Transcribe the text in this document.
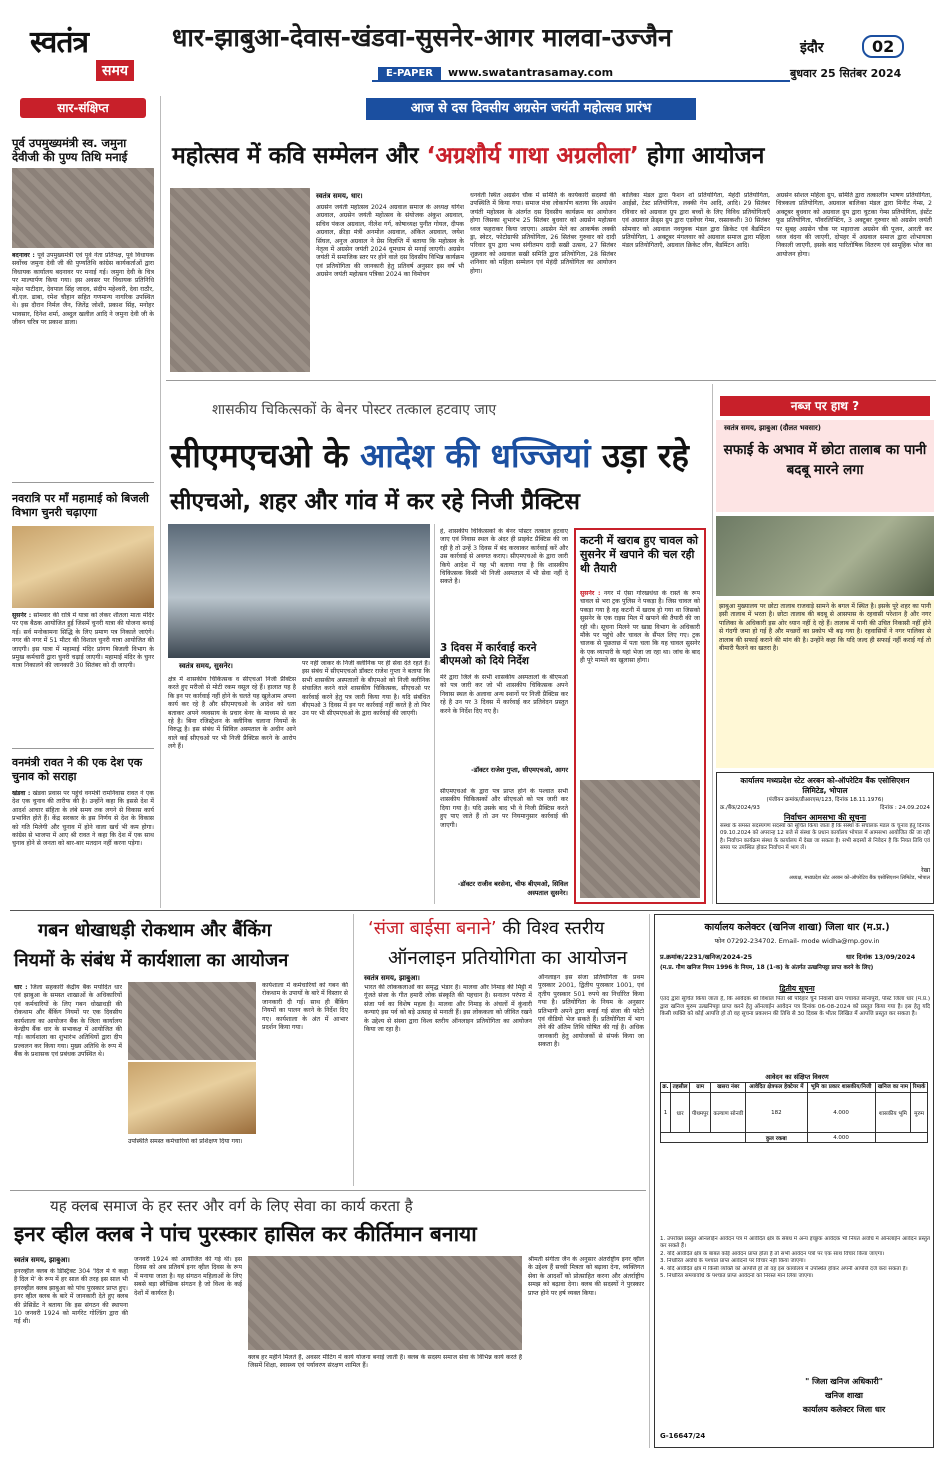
स्वतंत्र
समय
धार-झाबुआ-देवास-खंडवा-सुसनेर-आगर मालवा-उज्जैन
E-PAPER	www.swatantrasamay.com
इंदौर	02
बुधवार 25 सितंबर 2024
सार-संक्षिप्त
पूर्व उपमुख्यमंत्री स्व. जमुना देवीजी की पुण्य तिथि मनाई
बदनावर : पूर्व उपमुख्यमंत्री एवं पूर्व नेता प्रतिपक्ष, पूर्व विधायक सर्वोच्च जमुना देवी जी की पुण्यतिथि कांग्रेस कार्यकर्ताओं द्वारा विधायक कार्यालय बदनावर पर मनाई गई। जमुना देवी के चित्र पर माल्यार्पण किया गया। इस अवसर पर विधायक प्रतिनिधि महेश पाटीदार, देवपाल सिंह जादव, संदीप महेश्वरी, देवा राठौर, बी.एल. ढाबा, रमेश चौहान सहित गणमान्य नागरिक उपस्थित थे। इस दौरान निर्मल जैन, जितेंद्र जोशी, प्रकाश सिंह, मनोहर भावसार, दिनेश शर्मा, अब्दुल खलील आदि ने जमुना देवी जी के जीवन चरित्र पर प्रकाश डाला।
नवरात्रि पर माँ महामाई को बिजली विभाग चुनरी चढ़ाएगा
सुसनेर : सोमवार की रात्रि में यात्रा को लेकर शीतला माता मंदिर पर एक बैठक आयोजित हुई जिसमें चुनरी यात्रा की योजना बनाई गई। सर्व मनोकामना सिद्धि के लिए प्रमाण पत्र निकाले जाएंगे। नगर की नगर में 51 मीटर की विशाल चुनरी यात्रा आयोजित की जाएगी। इस यात्रा में महामाई मंदिर प्रांगण बिजली विभाग के प्रमुख कर्मचारी द्वारा चुनरी चढ़ाई जाएगी। महामाई मंदिर के चुनर यात्रा निकालने की जानकारी 30 सितंबर को दी जाएगी।
वनमंत्री रावत ने की एक देश एक चुनाव को सराहा
खंडवा : खंडवा प्रवास पर पहुंचे वनमंत्री रामनिवास रावत ने एक देश एक चुनाव की तारीफ की है। उन्होंने कहा कि इससे देश में आदर्श आचार संहिता के लंबे समय तक लगने से विकास कार्य प्रभावित होते हैं। केंद्र सरकार के इस निर्णय से देश के विकास को गति मिलेगी और चुनाव में होने वाला खर्च भी कम होगा। कांग्रेस से भाजपा में आए श्री रावत ने कहा कि देश में एक साथ चुनाव होने से जनता को बार-बार मतदान नहीं करना पड़ेगा।
आज से दस दिवसीय अग्रसेन जयंती महोत्सव प्रारंभ
महोत्सव में कवि सम्मेलन और ‘अग्रशौर्य गाथा अग्रलीला’ होगा आयोजन
स्वतंत्र समय, धार।
अग्रसेन जयंती महोत्सव 2024 अग्रवाल समाज के अध्यक्ष योगेश अग्रवाल, अग्रसेन जयंती महोत्सव के संयोजक अंकुश अग्रवाल, सचिव पंकज अग्रवाल, नीलेश गर्ग, कोषाध्यक्ष पुनीत गोयल, दीपक अग्रवाल, क्रीड़ा मंत्री अनमोल अग्रवाल, अंकित अग्रवाल, जयेश सिंघल, अनुज अग्रवाल ने प्रेस विज्ञप्ति में बताया कि महोत्सव के नेतृत्व में अग्रसेन जयंती 2024 धूमधाम से मनाई जाएगी। अग्रसेन जयंती में समाजिक स्तर पर होने वाले दस दिवसीय विभिन्न कार्यक्रम एवं प्रतियोगिता की जानकारी हेतु प्रतिवर्ष अनुसार इस वर्ष भी अग्रसेन जयंती महोत्सव पत्रिका 2024 का विमोचन
धनवंती स्थित अग्रसेन चौक में समिति के कार्यकारी सदस्यों की उपस्थिति में किया गया। समाज मंत्रा लोकार्पण बताया कि अग्रसेन जयंती महोत्सव के अंतर्गत दस दिवसीय कार्यक्रम का आयोजन होगा जिसका शुभारंभ 25 सितंबर बुधवार को अग्रसेन महोत्सव ध्वज फहराकर किया जाएगा। अग्रसेन मेले का आकर्षक लक्की ड्रा, स्वेटर, फोटोग्राफी प्रतियोगिता, 26 सितंबर गुरुवार को दादी परिवार ग्रुप द्वारा भव्य संगीतमय दादी सखी उत्सव, 27 सितंबर शुक्रवार को अग्रवाल सखी समिति द्वारा प्रतियोगिता, 28 सितंबर शनिवार को महिला सम्मेलन एवं मेहंदी प्रतियोगिता का आयोजन होगा।
बालिका मंडल द्वारा फैशन शो प्रतियोगिता, मेहंदी प्रतियोगिता, आईब्रो, टेस्ट प्रतियोगिता, लक्की गेम आदि, आदि। 29 सितंबर रविवार को अग्रवाल ग्रुप द्वारा बच्चों के लिए विविध प्रतियोगिताएँ एवं अग्रवाल फ्रेंड्स ग्रुप द्वारा एडवेंचर गेम्स, रस्साकशी। 30 सितंबर सोमवार को अग्रवाल नवयुवक मंडल द्वारा क्रिकेट एवं बैडमिंटन प्रतियोगिता, 1 अक्टूबर मंगलवार को अग्रवाल समाज द्वारा महिला मंडल प्रतियोगिताएँ, अग्रवाल क्रिकेट लीग, बैडमिंटन आदि।
अग्रसेन सोशल महिला ग्रुप, समिति द्वारा तत्कालीन भाषण प्रतियोगिता, चित्रकला प्रतियोगिता, अग्रवाल बालिका मंडल द्वारा मिनीट गेम्स, 2 अक्टूबर बुधवार को अग्रवाल ग्रुप द्वारा चुटका गेम्स प्रतियोगिता, इंस्टेंट फूड प्रतियोगिता, पॉवरलिफ्टिंग, 3 अक्टूबर गुरुवार को अग्रसेन जयंती पर सुबह अग्रसेन चौक पर महाराजा अग्रसेन की पूजन, आरती कर ध्वज वंदना की जाएगी, दोपहर में अग्रवाल समाज द्वारा शोभायात्रा निकाली जाएगी, इसके बाद पारितोषिक वितरण एवं सामूहिक भोज का आयोजन होगा।
शासकीय चिकित्सकों के बेनर पोस्टर तत्काल हटवाए जाए
सीएमएचओ के आदेश की धज्जियां उड़ा रहे
सीएचओ, शहर और गांव में कर रहे निजी प्रैक्टिस
स्वतंत्र समय, सुसनेर।
क्षेत्र में शासकीय चिकित्सक व सीएचओ निजी प्रैक्टिस करते हुए मरीजो से मोटी रकम वसूल रहे हैं। हालात यह है कि इन पर कार्रवाई नहीं होने के चलते यह खुलेआम अपना कार्य कर रहे है और सीएमएचओ के आदेश को धता बताकर अपने व्यवसाय के प्रचार बेनर के माध्यम से कर रहे है। बिना रजिस्ट्रेशन के क्लीनिक चलाना नियमों के विरुद्ध है। इस संबंध में सिविल अस्पताल के अधीन आने वाले कई सीएचओ पर भी निजी प्रैक्टिस करने के आरोप लगे हैं।
पर नहीं जाकर के निजी क्लीनिक पर ही सेवा देते रहते हैं। इस संबंध में सीएमएचओ डॉक्टर राजेश गुप्ता ने बताया कि सभी शासकीय अस्पतालों के बीएमओ को निजी क्लीनिक संचालित करने वाले शासकीय चिकित्सक, सीएचओ पर कार्रवाई करने हेतु पत्र जारी किया गया है। यदि संबंधित बीएमओ 3 दिवस में इन पर कार्रवाई नहीं करते है तो फिर उन पर भी सीएमएचओ के द्वारा कार्रवाई की जाएगी।
हे, शासकीय चिकित्सकों के बेनर पोस्टर तत्काल हटवाए जाए एवं निवास स्थल के अंदर ही प्राइवेट प्रैक्टिस की जा रही है तो उन्हें 3 दिवस में बंद करवाकर कार्रवाई करें और उस कार्रवाई से अवगत कराए। सीएमएचओ के द्वारा जारी किये आदेश में यह भी बताया गया है कि शासकीय चिकित्सक किसी भी निजी अस्पताल में भी सेवा नहीं दे सकते है।
3 दिवस में कार्रवाई करने बीएमओ को दिये निर्देश
मेरे द्वारा जिले के सभी शासकीय अस्पतालों के बीएमओ को पत्र जारी कर जो भी शासकीय चिकित्सक अपने निवास स्थल के अलावा अन्य स्थानों पर निजी प्रैक्टिस कर रहे है उन पर 3 दिवस में कार्रवाई कर प्रतिवेदन प्रस्तुत करने के निर्देश दिए गए है।
-डॉक्टर राजेश गुप्ता, सीएमएचओ, आगर
सीएमएचओ के द्वारा पत्र प्राप्त होने के पश्चात सभी शासकीय चिकित्सकों और सीएचओ को पत्र जारी कर दिया गया है। यदि उसके बाद भी वे निजी प्रैक्टिस करते हुए पाए जाते हैं तो उन पर नियमानुसार कार्रवाई की जाएगी।
-डॉक्टर राजीव बरसेना, चीफ बीएमओ, सिविल अस्पताल सुसनेर।
कटनी में खराब हुए चावल को सुसनेर में खपाने की चल रही थी तैयारी
सुसनेर : नगर में ऐसा गोरखधंधा के रास्ते के रूप चावल से भरा ट्रक पुलिस ने पकड़ा है। जिस चावल को पकड़ा गया है वह कटनी में खराब हो गया था जिसको सुसनेर के एक राइस मिल में खपाने की तैयारी की जा रही थी। सूचना मिलने पर खाद्य विभाग के अधिकारी मौके पर पहुंचे और चावल के सैंपल लिए गए। ट्रक चालक से पूछताछ में पता चला कि यह चावल सुसनेर के एक व्यापारी के यहां भेजा जा रहा था। जांच के बाद ही पूरे मामले का खुलासा होगा।
नब्ज पर हाथ ?
स्वतंत्र समय, झाबुआ (दौलत भवसार)
सफाई के अभाव में छोटा तालाब का पानी बदबू मारने लगा
झाबुआ मुख्यालय पर छोटा तालाब राजवाड़े सामने के बगल में स्थित है। इसके पूरे शहर का पानी इसी तालाब में भरता है। छोटा तालाब की बदबू से आसपास के रहवासी परेशान है और नगर पालिका के अधिकारी इस ओर ध्यान नहीं दे रहे हैं। तालाब में पानी की उचित निकासी नहीं होने से गंदगी जमा हो गई है और मच्छरों का प्रकोप भी बढ़ गया है। रहवासियों ने नगर पालिका से तालाब की सफाई कराने की मांग की है। उन्होंने कहा कि यदि जल्द ही सफाई नहीं कराई गई तो बीमारी फैलने का खतरा है।
कार्यालय मध्यप्रदेश स्टेट अरबन को-ऑपरेटिव बैंक एसोसिएशन
लिमिटेड, भोपाल
(पंजीयन क्रमांक/डीआरएस/123, दिनांक 18.11.1976)
क्र./बैंक/2024/93	दिनांक : 24.09.2024
निर्वाचन आमसभा की सूचना
संस्था के समस्त सदस्यगण सदस्यों को सूचित किया जाता है कि संस्था के संचालक मंडल के चुनाव हेतु दिनांक 09.10.2024 को अपरान्ह 12 बजे से संस्था के प्रधान कार्यालय भोपाल में आमसभा आयोजित की जा रही है। निर्वाचन कार्यक्रम संस्था के कार्यालय में देखा जा सकता है। सभी सदस्यों से निवेदन है कि नियत तिथि एवं समय पर उपस्थित होकर निर्वाचन में भाग लें।
रेखा
अध्यक्ष, मध्यप्रदेश स्टेट अरबन को-ऑपरेटिव बैंक एसोसिएशन लिमिटेड, भोपाल
गबन धोखाधड़ी रोकथाम और बैंकिंग
नियमों के संबंध में कार्यशाला का आयोजन
धार : जिला सहकारी केंद्रीय बैंक मर्यादित धार एवं झाबुआ के समस्त शाखाओं के अधिकारियों एवं कर्मचारियों के लिए गबन धोखाधड़ी की रोकथाम और बैंकिंग नियमों पर एक दिवसीय कार्यशाला का आयोजन बैंक के जिला कार्यालय केन्द्रीय बैंक धार के सभाकक्ष में आयोजित की गई। कार्यशाला का शुभारंभ अतिथियों द्वारा दीप प्रज्वलन कर किया गया। मुख्य अतिथि के रूप में बैंक के प्रशासक एवं प्रबंधक उपस्थित थे।
उपस्थिति समस्त कर्मचारियों को प्रशिक्षण दिया गया।
कार्यशाला में कर्मचारियों को गबन की रोकथाम के उपायों के बारे में विस्तार से जानकारी दी गई। साथ ही बैंकिंग नियमों का पालन करने के निर्देश दिए गए। कार्यशाला के अंत में आभार प्रदर्शन किया गया।
‘संजा बाईसा बनाने’ की विश्व स्तरीय
ऑनलाइन प्रतियोगिता का आयोजन
स्वतंत्र समय, झाबुआ।
भारत की लोककलाओं का समृद्ध भंडार है। मालवा और निमाड़ की मिट्टी में गूंजते संजा के गीत हमारी लोक संस्कृति की पहचान है। सनातन परंपरा में संजा पर्व का विशेष महत्व है। मालवा और निमाड़ के अंचलों में कुंवारी कन्याएं इस पर्व को बड़े उत्साह से मनाती हैं। इस लोककला को जीवित रखने के उद्देश्य से संस्था द्वारा विश्व स्तरीय ऑनलाइन प्रतियोगिता का आयोजन किया जा रहा है।
ऑनलाइन इस संजा प्रतियोगिता के प्रथम पुरस्कार 2001, द्वितीय पुरस्कार 1001, एवं तृतीय पुरस्कार 501 रुपये का निर्धारित किया गया है। प्रतियोगिता के नियम के अनुसार प्रतिभागी अपने द्वारा बनाई गई संजा की फोटो एवं वीडियो भेज सकते हैं। प्रतियोगिता में भाग लेने की अंतिम तिथि घोषित की गई है। अधिक जानकारी हेतु आयोजकों से संपर्क किया जा सकता है।
कार्यालय कलेक्टर (खनिज शाखा) जिला धार (म.प्र.)
फोन 07292-234702. Email- mode widha@mp.gov.in
प्र.क्रमांक/2231/खनिज/2024-25	धार दिनांक 13/09/2024
(म.प्र. गौण खनिज नियम 1996 के नियम, 18 (1-क) के अंतर्गत उत्खनिपट्टा प्राप्त करने के लिए)
द्वितीय सूचना
एतद द्वारा सूचित किया जाता है, कि आवेदक श्री विशाल पिता श्री परिहार चुने निवासी ग्राम पंचायत सोनापुरी, पोस्ट जिला धार (म.प्र.) द्वारा खनिज मुरुम उत्खनिपट्टा प्राप्त करने हेतु ऑनलाईन आवेदन पत्र दिनांक 06-08-2024 को प्रस्तुत किया गया है। इस हेतु यदि किसी व्यक्ति को कोई आपत्ति हो तो वह सूचना प्रकाशन की तिथि से 30 दिवस के भीतर लिखित में आपत्ति प्रस्तुत कर सकता है।
आवेदन का संक्षिप्त विवरण
क्र.	तहसील	ग्राम	खसरा नंबर	आवेदित क्षेत्रफल हेक्टेयर में	भूमि का प्रकार शासकीय/निजी	खनिज का नाम	रिमार्क
1	धार	पीथमपुर	कल्याण सोनवी	182	4.000	शासकीय भूमि	मुरुम
				कुल रकबा	4.000		
1. उपरोक्त प्रस्तुत ऑनलाईन आवेदन पत्र में आवेदित क्षेत्र के संबंध में अन्य इच्छुक आवेदक भी नियत अवधि में ऑनलाईन आवेदन प्रस्तुत कर सकते हैं।
2. यदि आवेदित क्षेत्र के बाबत कोई आवेदन प्राप्त होता है तो सभी आवेदन पत्रों पर एक साथ विचार किया जाएगा।
3. निर्धारित अवधि के पश्चात प्राप्त आवेदनों पर विचार नहीं किया जाएगा।
4. यदि आवेदित क्षेत्र में किसी व्यक्ति को आपत्ति हो तो वह इस कार्यालय में उपस्थित होकर अपनी आपत्ति दर्ज करा सकता है।
5. निर्धारित समयावधि के पश्चात प्राप्त आवेदनों को निरस्त मान लिया जाएगा।
" जिला खनिज अधिकारी"
खनिज शाखा
कार्यालय कलेक्टर जिला धार
G-16647/24
यह क्लब समाज के हर स्तर और वर्ग के लिए सेवा का कार्य करता है
इनर व्हील क्लब ने पांच पुरस्कार हासिल कर कीर्तिमान बनाया
स्वतंत्र समय, झाबुआ।
इनरव्हील क्लब के डिस्ट्रिक्ट 304 'दिल मे ये कहा है दिल मे' के रूप में हर साल की तरह इस साल भी इनरव्हील क्लब झाबुआ को पांच पुरस्कार प्राप्त हुए। इनर व्हील क्लब के बारे में जानकारी देते हुए क्लब की प्रेसिडेंट ने बताया कि इस संगठन की स्थापना 10 जनवरी 1924 को मार्गरेट गोल्डिंग द्वारा की गई थी।
जनवरी 1924 को आयोजित की गई थी। इस दिवस को अब प्रतिवर्ष इनर व्हील दिवस के रूप में मनाया जाता है। यह संगठन महिलाओं के लिए सबसे बड़ा स्वैच्छिक संगठन है जो विश्व के कई देशों में कार्यरत है।
क्लब हर महीने मिलते हैं, अवसर मीटिंग में कार्य योजना बनाई जाती है। क्लब के सदस्य समाज सेवा के विभिन्न कार्य करते हैं जिसमें शिक्षा, स्वास्थ्य एवं पर्यावरण संरक्षण शामिल हैं।
श्रीमती संगीता जैन के अनुसार अंतर्राष्ट्रीय इनर व्हील के उद्देश्य हैं सच्ची मित्रता को बढ़ावा देना, व्यक्तिगत सेवा के आदर्शों को प्रोत्साहित करना और अंतर्राष्ट्रीय समझ को बढ़ावा देना। क्लब की सदस्यों ने पुरस्कार प्राप्त होने पर हर्ष व्यक्त किया।
